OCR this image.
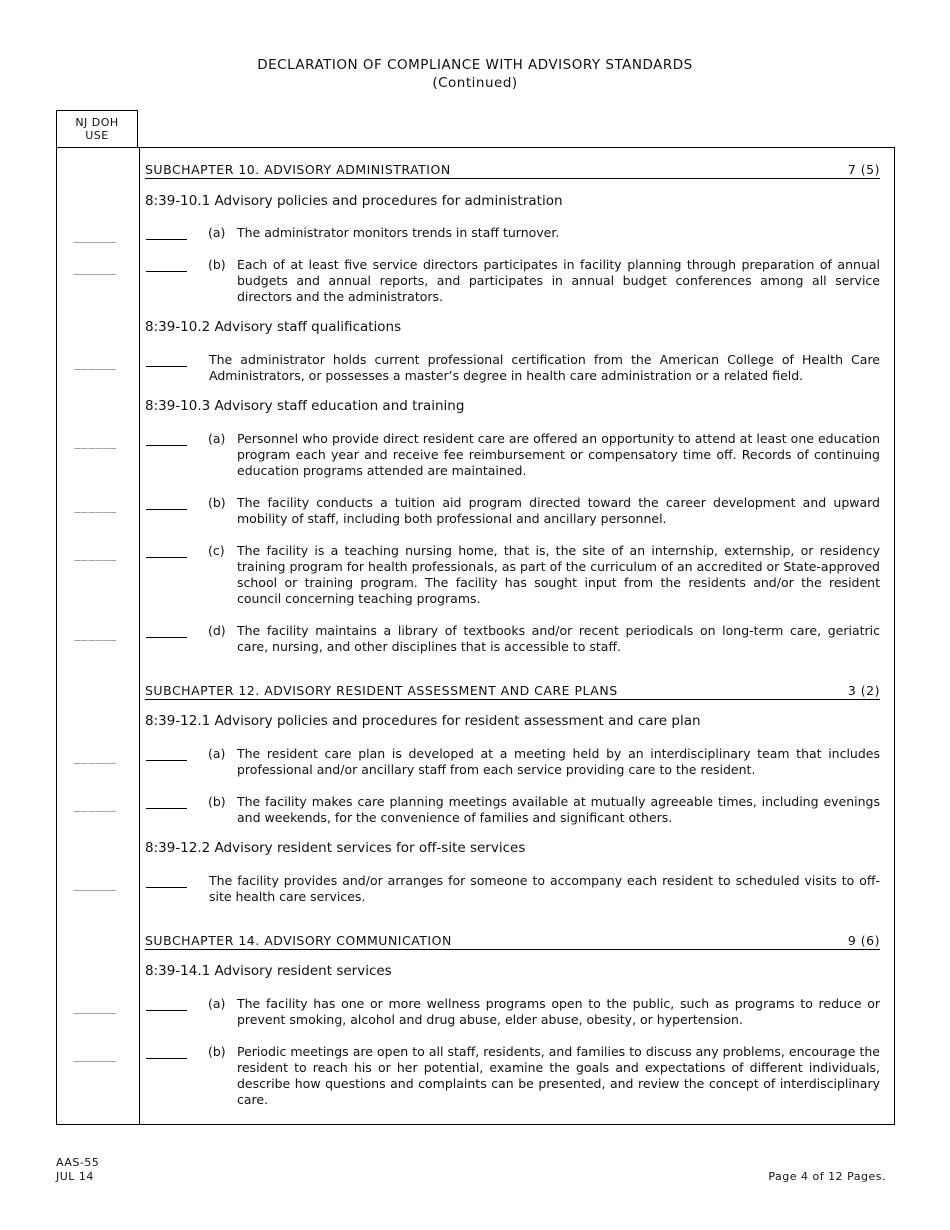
DECLARATION OF COMPLIANCE WITH ADVISORY STANDARDS
(Continued)
NJ DOH
USE
SUBCHAPTER 10. ADVISORY ADMINISTRATION	7 (5)
8:39-10.1 Advisory policies and procedures for administration
______	(a) The administrator monitors trends in staff turnover.
______	(b) Each of at least five service directors participates in facility planning through preparation of annual budgets and annual reports, and participates in annual budget conferences among all service directors and the administrators.
8:39-10.2 Advisory staff qualifications
______	The administrator holds current professional certification from the American College of Health Care Administrators, or possesses a master’s degree in health care administration or a related field.
8:39-10.3 Advisory staff education and training
______	(a) Personnel who provide direct resident care are offered an opportunity to attend at least one education program each year and receive fee reimbursement or compensatory time off. Records of continuing education programs attended are maintained.
______	(b) The facility conducts a tuition aid program directed toward the career development and upward mobility of staff, including both professional and ancillary personnel.
______	(c) The facility is a teaching nursing home, that is, the site of an internship, externship, or residency training program for health professionals, as part of the curriculum of an accredited or State-approved school or training program. The facility has sought input from the residents and/or the resident council concerning teaching programs.
______	(d) The facility maintains a library of textbooks and/or recent periodicals on long-term care, geriatric care, nursing, and other disciplines that is accessible to staff.
SUBCHAPTER 12. ADVISORY RESIDENT ASSESSMENT AND CARE PLANS	3 (2)
8:39-12.1 Advisory policies and procedures for resident assessment and care plan
______	(a) The resident care plan is developed at a meeting held by an interdisciplinary team that includes professional and/or ancillary staff from each service providing care to the resident.
______	(b) The facility makes care planning meetings available at mutually agreeable times, including evenings and weekends, for the convenience of families and significant others.
8:39-12.2 Advisory resident services for off-site services
______	The facility provides and/or arranges for someone to accompany each resident to scheduled visits to off-site health care services.
SUBCHAPTER 14. ADVISORY COMMUNICATION	9 (6)
8:39-14.1 Advisory resident services
______	(a) The facility has one or more wellness programs open to the public, such as programs to reduce or prevent smoking, alcohol and drug abuse, elder abuse, obesity, or hypertension.
______	(b) Periodic meetings are open to all staff, residents, and families to discuss any problems, encourage the resident to reach his or her potential, examine the goals and expectations of different individuals, describe how questions and complaints can be presented, and review the concept of interdisciplinary care.
AAS-55
JUL 14	Page 4 of 12 Pages.
